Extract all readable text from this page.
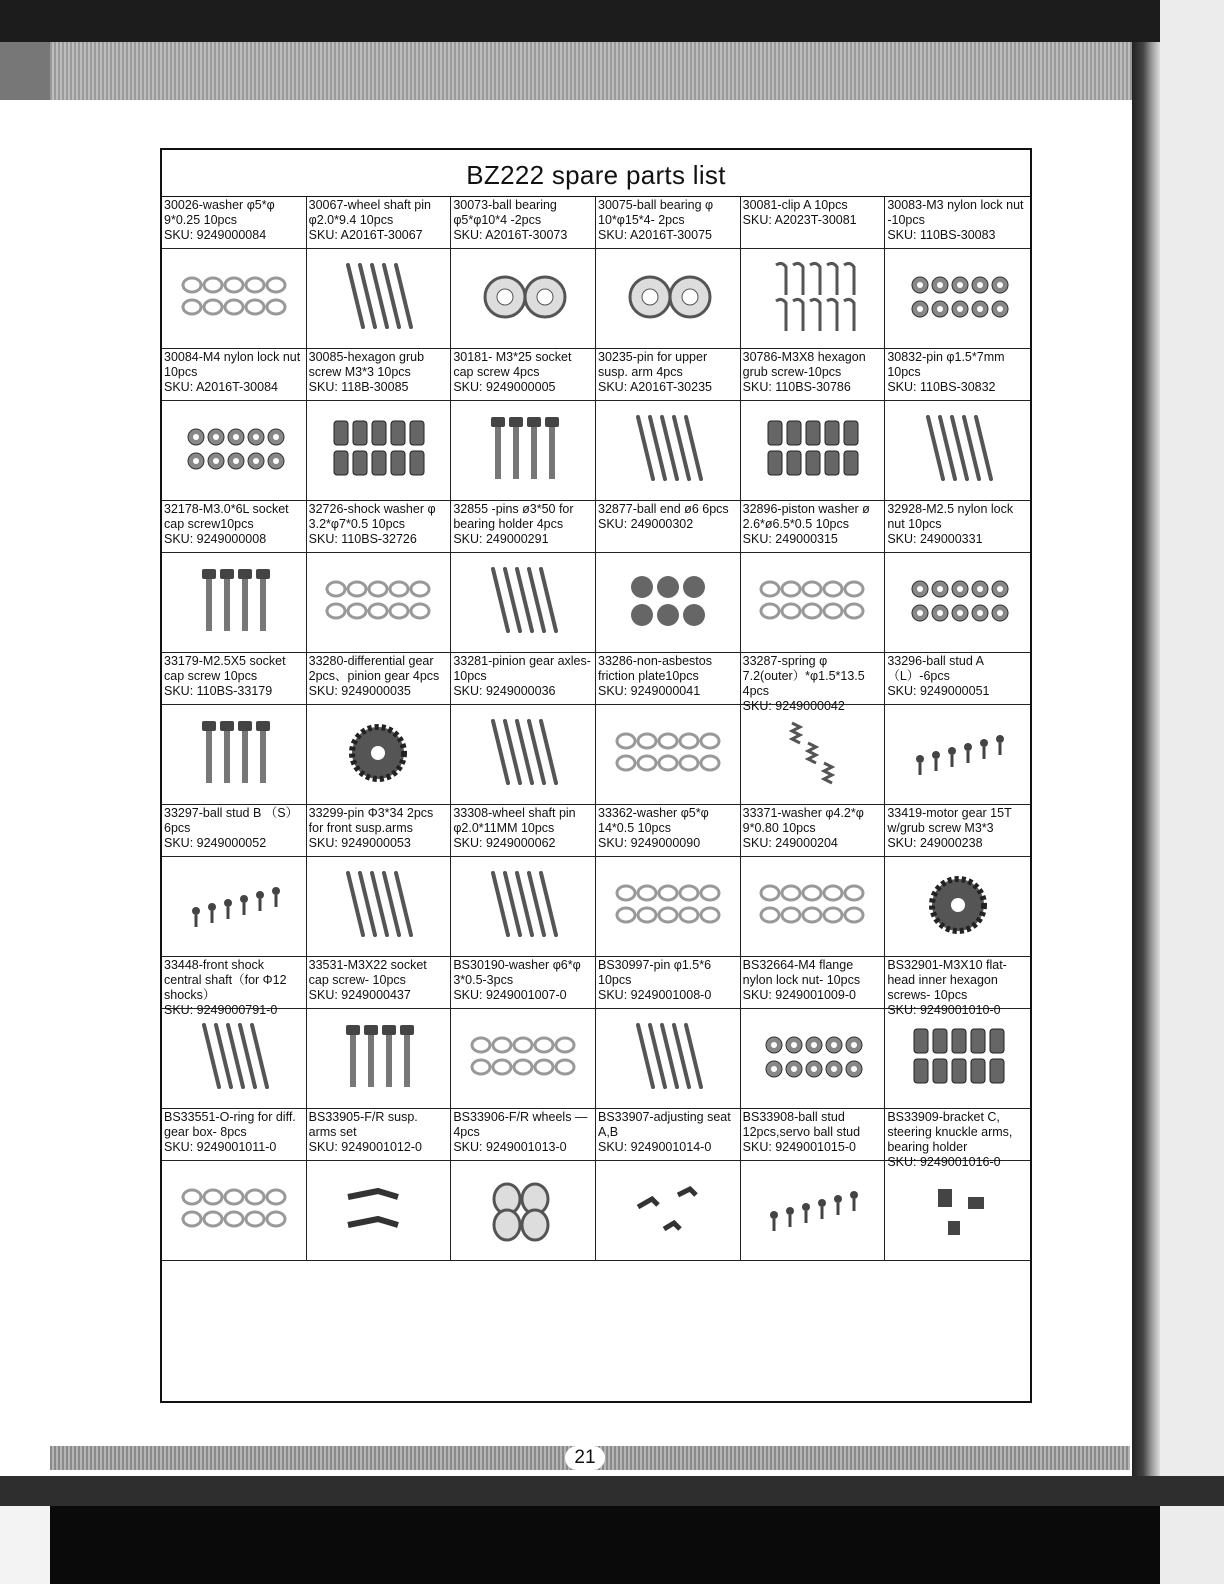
BZ222 spare parts list
30026-washer φ5*φ 9*0.25 10pcs
SKU: 9249000084
30067-wheel shaft pin φ2.0*9.4 10pcs
SKU: A2016T-30067
30073-ball bearing φ5*φ10*4 -2pcs
SKU: A2016T-30073
30075-ball bearing φ 10*φ15*4- 2pcs
SKU: A2016T-30075
30081-clip A 10pcs
SKU: A2023T-30081
30083-M3 nylon lock nut -10pcs
SKU: 110BS-30083
30084-M4 nylon lock nut 10pcs
SKU: A2016T-30084
30085-hexagon grub screw M3*3 10pcs
SKU: 118B-30085
30181- M3*25 socket cap screw 4pcs
SKU: 9249000005
30235-pin for upper susp. arm 4pcs
SKU: A2016T-30235
30786-M3X8 hexagon grub screw-10pcs
SKU: 110BS-30786
30832-pin φ1.5*7mm 10pcs
SKU: 110BS-30832
32178-M3.0*6L socket cap screw10pcs
SKU: 9249000008
32726-shock washer φ 3.2*φ7*0.5 10pcs
SKU: 110BS-32726
32855 -pins ø3*50 for bearing holder 4pcs
SKU: 249000291
32877-ball end ø6 6pcs
SKU: 249000302
32896-piston washer ø 2.6*ø6.5*0.5 10pcs
SKU: 249000315
32928-M2.5 nylon lock nut 10pcs
SKU: 249000331
33179-M2.5X5 socket cap screw 10pcs
SKU: 110BS-33179
33280-differential gear 2pcs、pinion gear 4pcs
SKU: 9249000035
33281-pinion gear axles-10pcs
SKU: 9249000036
33286-non-asbestos friction plate10pcs
SKU: 9249000041
33287-spring φ 7.2(outer）*φ1.5*13.5 4pcs
SKU: 9249000042
33296-ball stud A （L）-6pcs
SKU: 9249000051
33297-ball stud B （S）6pcs
SKU: 9249000052
33299-pin Φ3*34 2pcs for front susp.arms
SKU: 9249000053
33308-wheel shaft pin φ2.0*11MM 10pcs
SKU: 9249000062
33362-washer φ5*φ 14*0.5 10pcs
SKU: 9249000090
33371-washer φ4.2*φ 9*0.80 10pcs
SKU: 249000204
33419-motor gear 15T w/grub screw M3*3
SKU: 249000238
33448-front shock central shaft（for Φ12 shocks）
SKU: 9249000791-0
33531-M3X22 socket cap screw- 10pcs
SKU: 9249000437
BS30190-washer φ6*φ 3*0.5-3pcs
SKU: 9249001007-0
BS30997-pin φ1.5*6 10pcs
SKU: 9249001008-0
BS32664-M4 flange nylon lock nut- 10pcs
SKU: 9249001009-0
BS32901-M3X10 flat-head inner hexagon screws- 10pcs
SKU: 9249001010-0
BS33551-O-ring for diff. gear box- 8pcs
SKU: 9249001011-0
BS33905-F/R susp. arms set
SKU: 9249001012-0
BS33906-F/R wheels —4pcs
SKU: 9249001013-0
BS33907-adjusting seat A,B
SKU: 9249001014-0
BS33908-ball stud 12pcs,servo ball stud
SKU: 9249001015-0
BS33909-bracket C, steering knuckle arms, bearing holder
SKU: 9249001016-0
21
